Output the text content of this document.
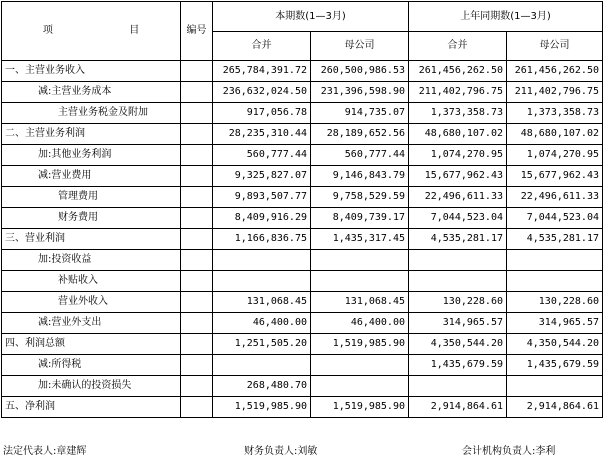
项 目	编号	本期数(1—3月)		上年同期数(1—3月)	
		合并	母公司	合并	母公司
一、主营业务收入		265,784,391.72	260,500,986.53	261,456,262.50	261,456,262.50
减:主营业务成本		236,632,024.50	231,396,598.90	211,402,796.75	211,402,796.75
主营业务税金及附加		917,056.78	914,735.07	1,373,358.73	1,373,358.73
二、主营业务利润		28,235,310.44	28,189,652.56	48,680,107.02	48,680,107.02
加:其他业务利润		560,777.44	560,777.44	1,074,270.95	1,074,270.95
减:营业费用		9,325,827.07	9,146,843.79	15,677,962.43	15,677,962.43
管理费用		9,893,507.77	9,758,529.59	22,496,611.33	22,496,611.33
财务费用		8,409,916.29	8,409,739.17	7,044,523.04	7,044,523.04
三、营业利润		1,166,836.75	1,435,317.45	4,535,281.17	4,535,281.17
加:投资收益					
补贴收入					
营业外收入		131,068.45	131,068.45	130,228.60	130,228.60
减:营业外支出		46,400.00	46,400.00	314,965.57	314,965.57
四、利润总额		1,251,505.20	1,519,985.90	4,350,544.20	4,350,544.20
减:所得税				1,435,679.59	1,435,679.59
加:未确认的投资损失		268,480.70			
五、净利润		1,519,985.90	1,519,985.90	2,914,864.61	2,914,864.61
法定代表人:章建辉	财务负责人:刘敏	会计机构负责人:李利
